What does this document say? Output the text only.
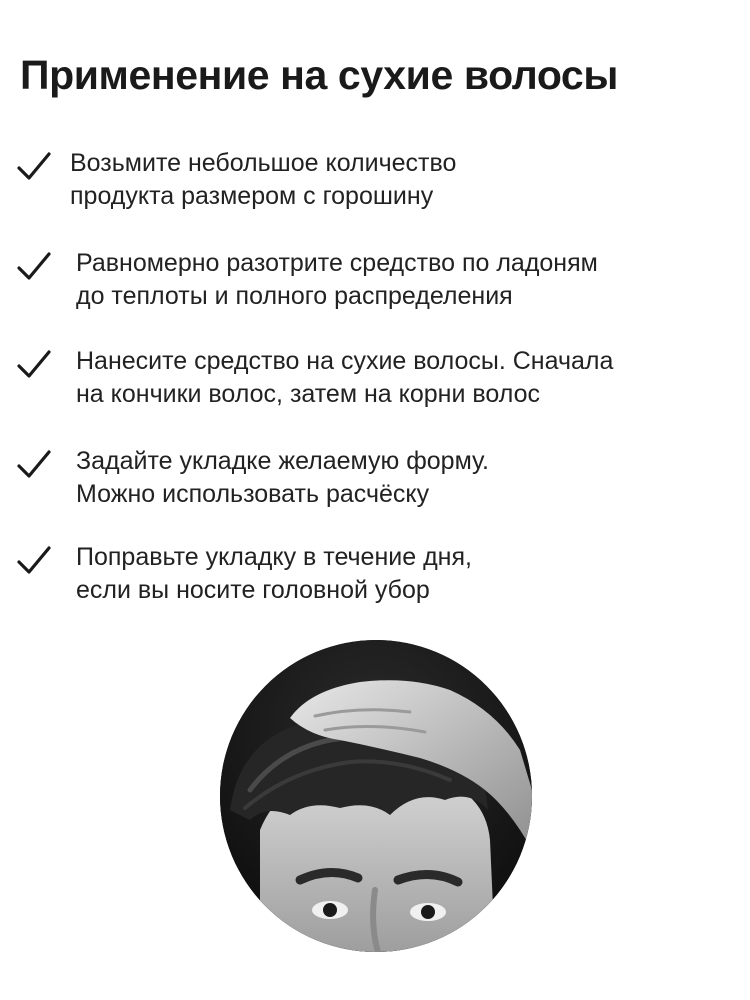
Применение на сухие волосы
Возьмите небольшое количество
продукта размером с горошину
Равномерно разотрите средство по ладоням
до теплоты и полного распределения
Нанесите средство на сухие волосы. Сначала
на кончики волос, затем на корни волос
Задайте укладке желаемую форму.
Можно использовать расчёску
Поправьте укладку в течение дня,
если вы носите головной убор
